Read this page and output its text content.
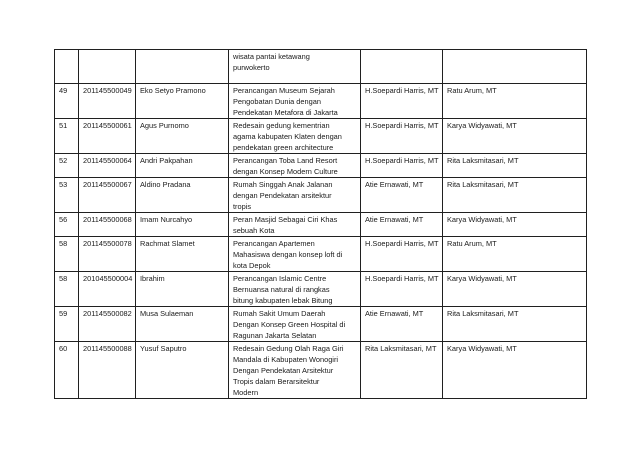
			wisata pantai ketawang
purwokerto		
49	201145500049	Eko Setyo Pramono	Perancangan Museum Sejarah
Pengobatan Dunia dengan
Pendekatan Metafora di Jakarta	H.Soepardi Harris, MT	Ratu Arum, MT
51	201145500061	Agus Purnomo	Redesain gedung kementrian
agama kabupaten Klaten dengan
pendekatan green architecture	H.Soepardi Harris, MT	Karya Widyawati, MT
52	201145500064	Andri Pakpahan	Perancangan Toba Land Resort
dengan Konsep Modern Culture	H.Soepardi Harris, MT	Rita Laksmitasari, MT
53	201145500067	Aldino Pradana	Rumah Singgah Anak Jalanan
dengan Pendekatan arsitektur
tropis	Atie Ernawati, MT	Rita Laksmitasari, MT
56	201145500068	Imam Nurcahyo	Peran Masjid Sebagai Ciri Khas
sebuah Kota	Atie Ernawati, MT	Karya Widyawati, MT
58	201145500078	Rachmat Slamet	Perancangan Apartemen
Mahasiswa dengan konsep loft di
kota Depok	H.Soepardi Harris, MT	Ratu Arum, MT
58	201045500004	Ibrahim	Perancangan Islamic Centre
Bernuansa natural di rangkas
bitung kabupaten lebak Bitung	H.Soepardi Harris, MT	Karya Widyawati, MT
59	201145500082	Musa Sulaeman	Rumah Sakit Umum Daerah
Dengan Konsep Green Hospital di
Ragunan Jakarta Selatan	Atie Ernawati, MT	Rita Laksmitasari, MT
60	201145500088	Yusuf Saputro	Redesain Gedung Olah Raga Giri
Mandala di Kabupaten Wonogiri
Dengan Pendekatan Arsitektur
Tropis dalam Berarsitektur
Modern	Rita Laksmitasari, MT	Karya Widyawati, MT
